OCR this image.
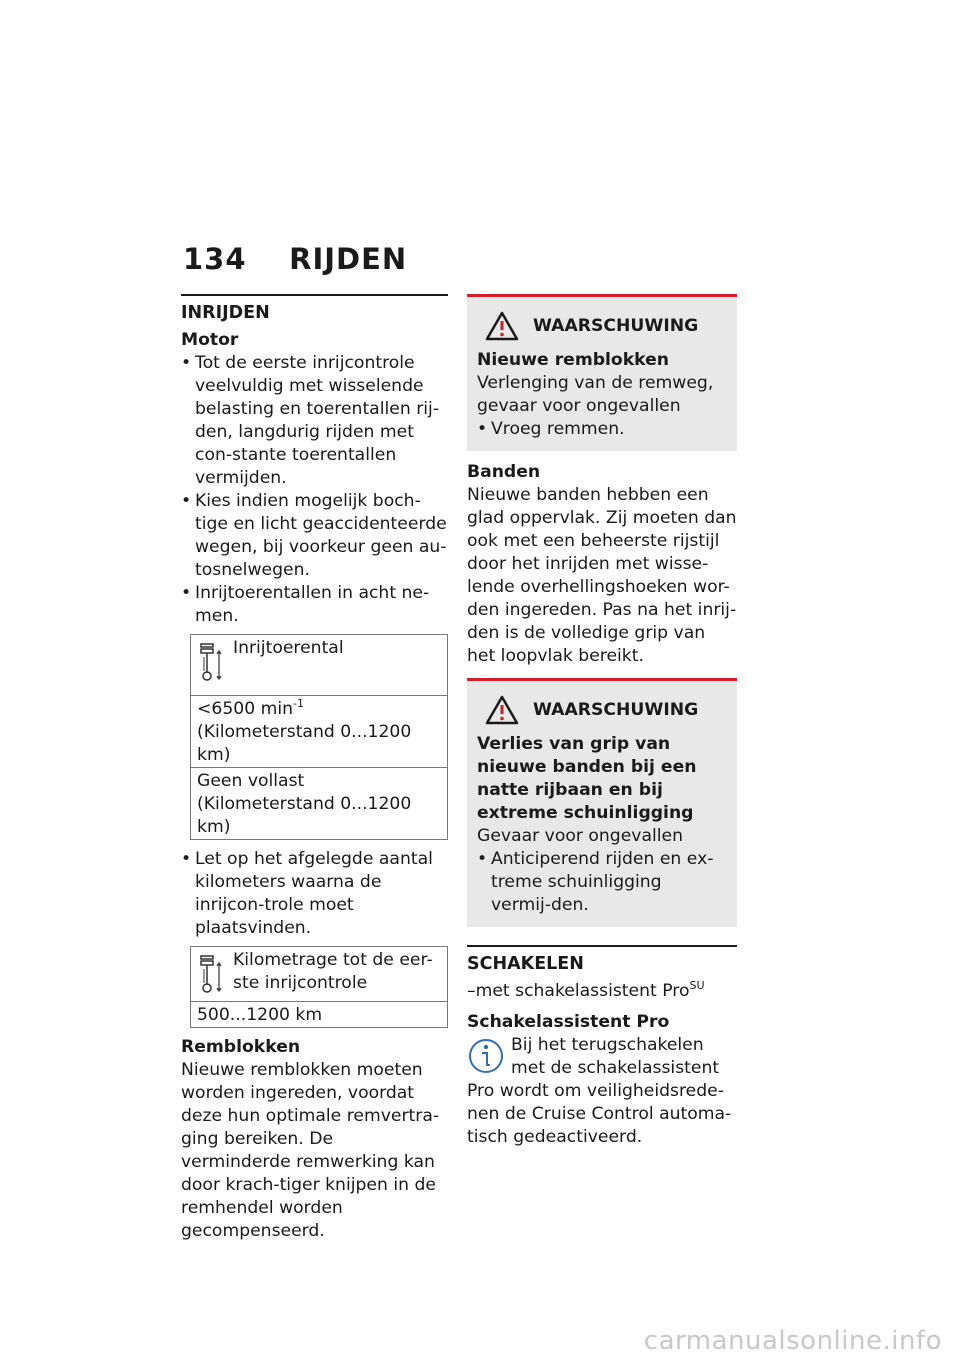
134 RIJDEN
INRIJDEN
Motor
• Tot de eerste inrijcontrole veelvuldig met wisselende belasting en toerentallen rij-den, langdurig rijden met con-stante toerentallen vermijden.
• Kies indien mogelijk boch-tige en licht geaccidenteerde wegen, bij voorkeur geen au-tosnelwegen.
• Inrijtoerentallen in acht ne-men.
Inrijtoerental
<6500 $\min^{-1}$ (Kilometerstand 0...1200 km)
Geen vollast (Kilometerstand 0...1200 km)
• Let op het afgelegde aantal kilometers waarna de inrijcon-trole moet plaatsvinden.
Kilometrage tot de eer-ste inrijcontrole
500...1200 km
Remblokken

Nieuwe remblokken moeten worden ingereden, voordat deze hun optimale remvertra-ging bereiken. De verminderde remwerking kan door krach-tiger knijpen in de remhendel worden gecompenseerd.

WAARSCHUWING
Nieuwe remblokken
Verlenging van de remweg, gevaar voor ongevallen
• Vroeg remmen.
Banden

Nieuwe banden hebben een glad oppervlak. Zij moeten dan ook met een beheerste rijstijl door het inrijden met wisse-lende overhellingshoeken wor-den ingereden. Pas na het inrij-den is de volledige grip van het loopvlak bereikt.

WAARSCHUWING
Verlies van grip van nieuwe banden bij een natte rijbaan en bij extreme schuinligging
Gevaar voor ongevallen
• Anticiperend rijden en ex-treme schuinligging vermij-den.
SCHAKELEN
–met schakelassistent Pro$^{SU}$
Schakelassistent Pro

Bij het terugschakelen met de schakelassistent Pro wordt om veiligheidsrede-nen de Cruise Control automa-tisch gedeactiveerd.

carmanualsonline.info
